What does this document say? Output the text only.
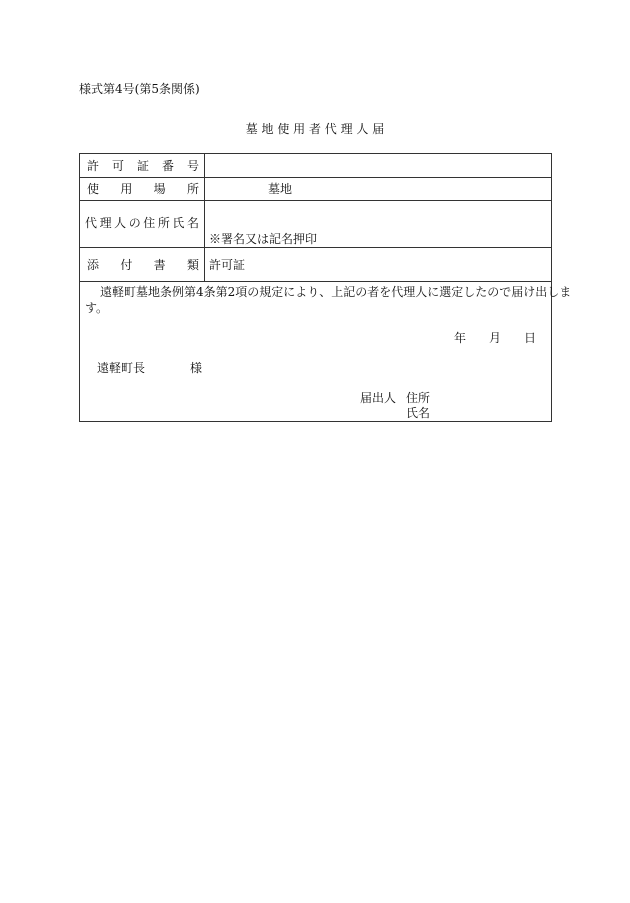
様式第4号(第5条関係)
墓 地 使 用 者 代 理 人 届
許 可 証 番 号
使 用 場 所	墓地
代 理 人 の 住 所 氏 名
※署名又は記名押印
添 付 書 類 許可証
遠軽町墓地条例第4条第2項の規定により、上記の者を代理人に選定したので届け出しま
す。
年 月 日
遠軽町長	様
届出人 住所
氏名
